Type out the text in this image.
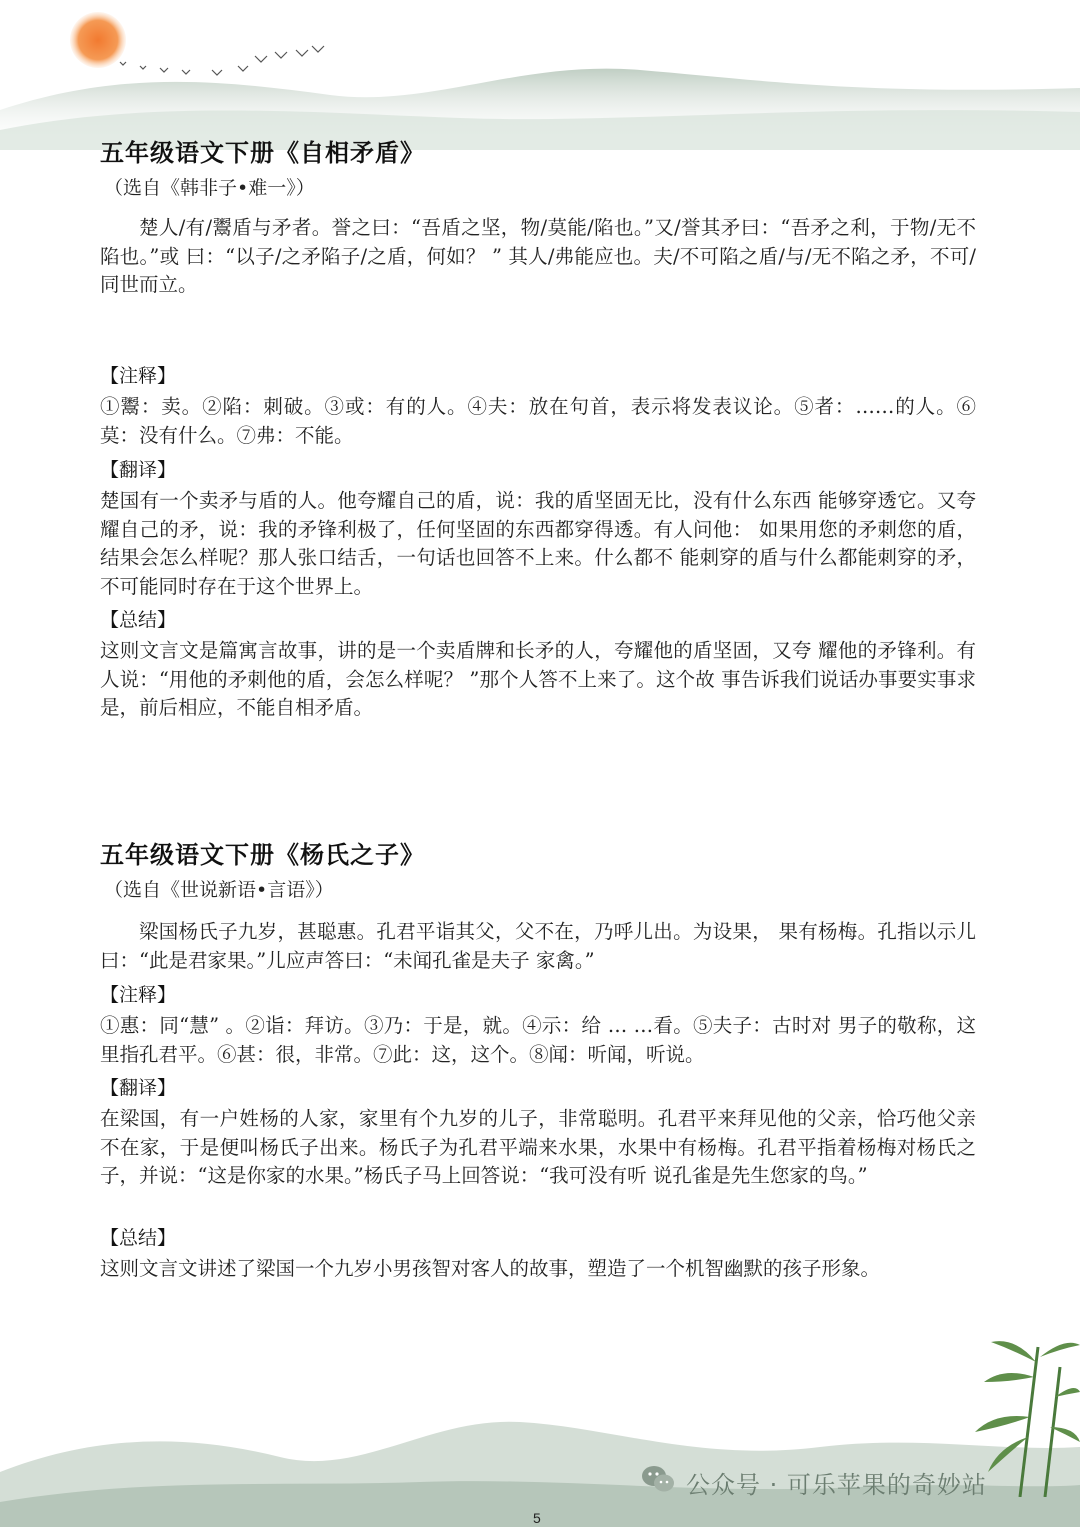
五年级语文下册《自相矛盾》
（选自《韩非子•难一》）
楚人/有/鬻盾与矛者。誉之曰：“吾盾之坚，物/莫能/陷也。”又/誉其矛曰：“吾矛之利，于物/无不陷也。”或 曰：“以子/之矛陷子/之盾，何如？ ” 其人/弗能应也。夫/不可陷之盾/与/无不陷之矛，不可/同世而立。
【注释】
①鬻：卖。②陷：刺破。③或：有的人。④夫：放在句首，表示将发表议论。⑤者：……的人。⑥莫：没有什么。⑦弗：不能。
【翻译】
楚国有一个卖矛与盾的人。他夸耀自己的盾，说：我的盾坚固无比，没有什么东西 能够穿透它。又夸耀自己的矛，说：我的矛锋利极了，任何坚固的东西都穿得透。有人问他： 如果用您的矛刺您的盾，结果会怎么样呢？那人张口结舌，一句话也回答不上来。什么都不 能刺穿的盾与什么都能刺穿的矛，不可能同时存在于这个世界上。
【总结】
这则文言文是篇寓言故事，讲的是一个卖盾牌和长矛的人，夸耀他的盾坚固，又夸 耀他的矛锋利。有人说：“用他的矛刺他的盾，会怎么样呢？ ”那个人答不上来了。这个故 事告诉我们说话办事要实事求是，前后相应，不能自相矛盾。
五年级语文下册《杨氏之子》
（选自《世说新语•言语》）
梁国杨氏子九岁，甚聪惠。孔君平诣其父，父不在，乃呼儿出。为设果， 果有杨梅。孔指以示儿曰：“此是君家果。”儿应声答曰：“未闻孔雀是夫子 家禽。”
【注释】
①惠：同“慧” 。②诣：拜访。③乃：于是，就。④示：给 … …看。⑤夫子：古时对 男子的敬称，这里指孔君平。⑥甚：很，非常。⑦此：这，这个。⑧闻：听闻，听说。
【翻译】
在梁国，有一户姓杨的人家，家里有个九岁的儿子，非常聪明。孔君平来拜见他的父亲，恰巧他父亲不在家，于是便叫杨氏子出来。杨氏子为孔君平端来水果，水果中有杨梅。孔君平指着杨梅对杨氏之子，并说：“这是你家的水果。”杨氏子马上回答说：“我可没有听 说孔雀是先生您家的鸟。”
【总结】
这则文言文讲述了梁国一个九岁小男孩智对客人的故事，塑造了一个机智幽默的孩子形象。
公众号 · 可乐苹果的奇妙站
5
